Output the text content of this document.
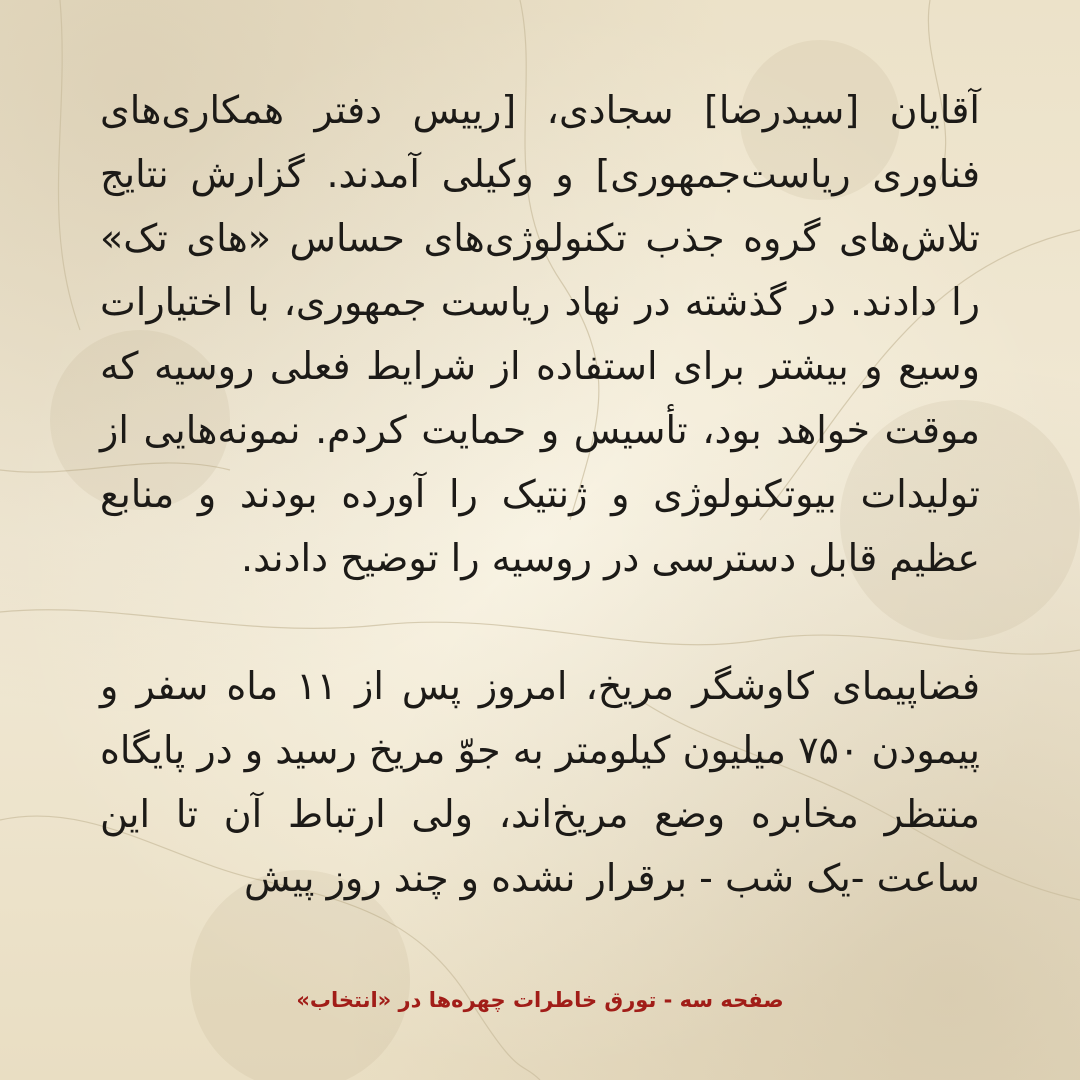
آقایان [سیدرضا] سجادی، [رییس دفتر همکاری‌های فناوری ریاست‌جمهوری] و وکیلی آمدند. گزارش نتایج تلاش‌های گروه جذب تکنولوژی‌های حساس «های تک» را دادند. در گذشته در نهاد ریاست جمهوری، با اختیارات وسیع و بیشتر برای استفاده از شرایط فعلی روسیه که موقت خواهد بود، تأسیس و حمایت کردم. نمونه‌هایی از تولیدات بیوتکنولوژی و ژنتیک را آورده بودند و منابع عظیم قابل دسترسی در روسیه را توضیح دادند.

فضاپیمای کاوشگر مریخ، امروز پس از ۱۱ ماه سفر و پیمودن ۷۵۰ میلیون کیلومتر به جوّ مریخ رسید و در پایگاه منتظر مخابره وضع مریخ‌اند، ولی ارتباط آن تا این ساعت -یک شب - برقرار نشده و چند روز پیش

صفحه سه - تورق خاطرات چهره‌ها در «انتخاب»
